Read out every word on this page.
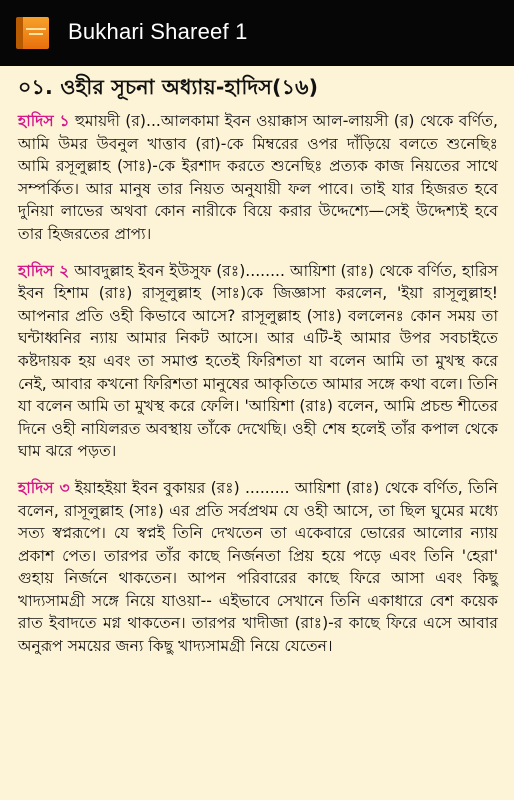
Bukhari Shareef 1
০১. ওহীর সূচনা অধ্যায়-হাদিস(১৬)

হাদিস ১ হুমায়দী (র)...আলকামা ইবন ওয়াক্কাস আল-লায়সী (র) থেকে বর্ণিত, আমি উমর উবনুল খাত্তাব (রা)-কে মিম্বরের ওপর দাঁড়িয়ে বলতে শুনেছিঃ আমি রসূলুল্লাহ (সাঃ)-কে ইরশাদ করতে শুনেছিঃ প্রত্যক কাজ নিয়তের সাথে সম্পর্কিত। আর মানুষ তার নিয়ত অনুযায়ী ফল পাবে। তাই যার হিজরত হবে দুনিয়া লাভের অথবা কোন নারীকে বিয়ে করার উদ্দেশ্যে—সেই উদ্দেশ্যই হবে তার হিজরতের প্রাপ্য।

হাদিস ২ আবদুল্লাহ ইবন ইউসুফ (রঃ)........ আয়িশা (রাঃ) থেকে বর্ণিত, হারিস ইবন হিশাম (রাঃ) রাসূলুল্লাহ (সাঃ)কে জিজ্ঞাসা করলেন, 'ইয়া রাসূলুল্লাহ! আপনার প্রতি ওহী কিভাবে আসে? রাসূলুল্লাহ (সাঃ) বললেনঃ কোন সময় তা ঘন্টাধ্বনির ন্যায় আমার নিকট আসে। আর এটি-ই আমার উপর সবচাইতে কষ্টদায়ক হয় এবং তা সমাপ্ত হতেই ফিরিশতা যা বলেন আমি তা মুখস্থ করে নেই, আবার কখনো ফিরিশতা মানুষের আকৃতিতে আমার সঙ্গে কথা বলে। তিনি যা বলেন আমি তা মুখস্থ করে ফেলি। 'আয়িশা (রাঃ) বলেন, আমি প্রচন্ড শীতের দিনে ওহী নাযিলরত অবস্থায় তাঁকে দেখেছি। ওহী শেষ হলেই তাঁর কপাল থেকে ঘাম ঝরে পড়ত।

হাদিস ৩ ইয়াহইয়া ইবন বুকায়র (রঃ) ......... আয়িশা (রাঃ) থেকে বর্ণিত, তিনি বলেন, রাসূলুল্লাহ (সাঃ) এর প্রতি সর্বপ্রথম যে ওহী আসে, তা ছিল ঘুমের মধ্যে সত্য স্বপ্নরূপে। যে স্বপ্নই তিনি দেখতেন তা একেবারে ভোরের আলোর ন্যায় প্রকাশ পেত। তারপর তাঁর কাছে নির্জনতা প্রিয় হয়ে পড়ে এবং তিনি 'হেরা' গুহায় নির্জনে থাকতেন। আপন পরিবারের কাছে ফিরে আসা এবং কিছু খাদ্যসামগ্রী সঙ্গে নিয়ে যাওয়া-- এইভাবে সেখানে তিনি একাধারে বেশ কয়েক রাত ইবাদতে মগ্ন থাকতেন। তারপর খাদীজা (রাঃ)-র কাছে ফিরে এসে আবার অনুরূপ সময়ের জন্য কিছু খাদ্যসামগ্রী নিয়ে যেতেন।
